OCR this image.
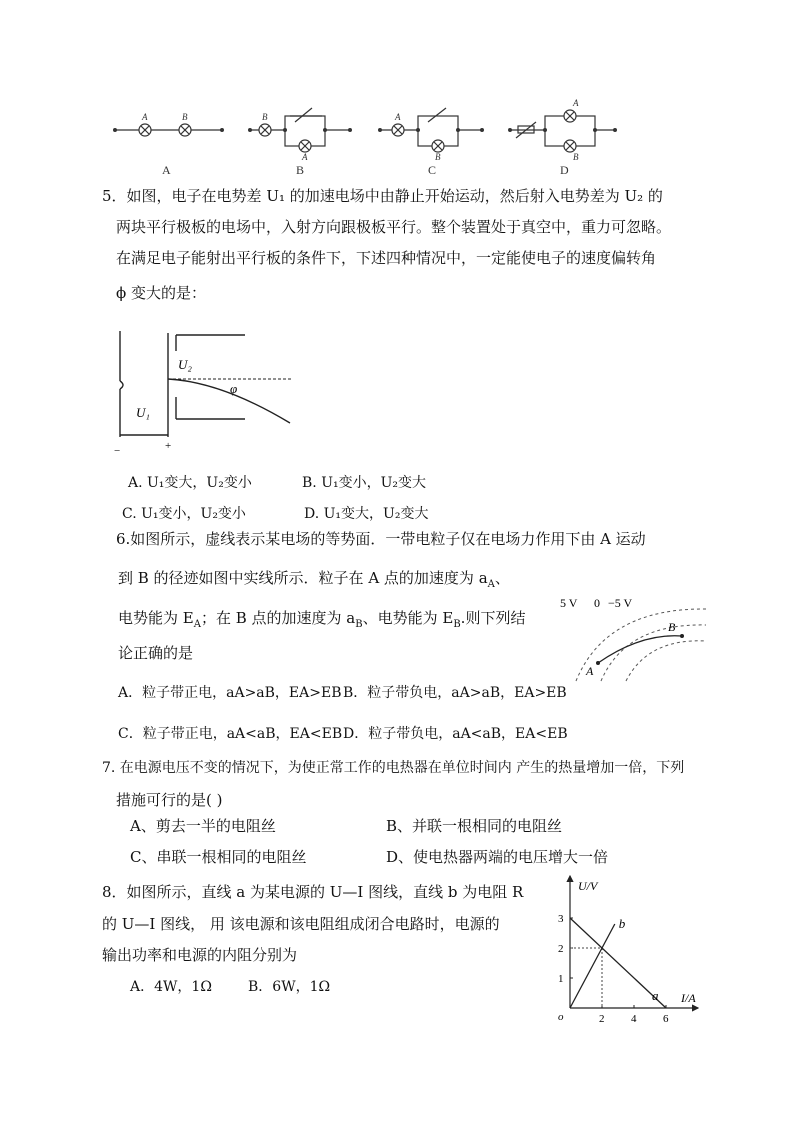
A	B	B
A
A
B
A
B
A	B	C	D
5．如图，电子在电势差 U₁ 的加速电场中由静止开始运动，然后射入电势差为 U₂ 的
两块平行极板的电场中，入射方向跟极板平行。整个装置处于真空中，重力可忽略。
在满足电子能射出平行板的条件下，下述四种情况中，一定能使电子的速度偏转角
ϕ 变大的是：
U₂
φ
U₁
−	+
A. U₁变大，U₂变小	B. U₁变小，U₂变大
C. U₁变小，U₂变小	D. U₁变大，U₂变大
6.如图所示，虚线表示某电场的等势面．一带电粒子仅在电场力作用下由 A 运动
到 B 的径迹如图中实线所示．粒子在 A 点的加速度为 $a_A$、
电势能为 $E_A$；在 B 点的加速度为 $a_B$、电势能为 $E_B$.则下列结
论正确的是
5 V 0 −5 V
A
B
A．粒子带正电，aA>aB，EA>EB B．粒子带负电，aA>aB，EA>EB
C．粒子带正电，aA<aB，EA<EB D．粒子带负电，aA<aB，EA<EB
7. 在电源电压不变的情况下，为使正常工作的电热器在单位时间内 产生的热量增加一倍，下列
措施可行的是( )
A、剪去一半的电阻丝	B、并联一根相同的电阻丝
C、串联一根相同的电阻丝	D、使电热器两端的电压增大一倍
8．如图所示，直线 a 为某电源的 U—I 图线，直线 b 为电阻 R
的 U—I 图线， 用 该电源和该电阻组成闭合电路时，电源的
输出功率和电源的内阻分别为
A．4W，1Ω	B．6W，1Ω
U/V
I/A
o	2 4 6
1
2
3
a
b
